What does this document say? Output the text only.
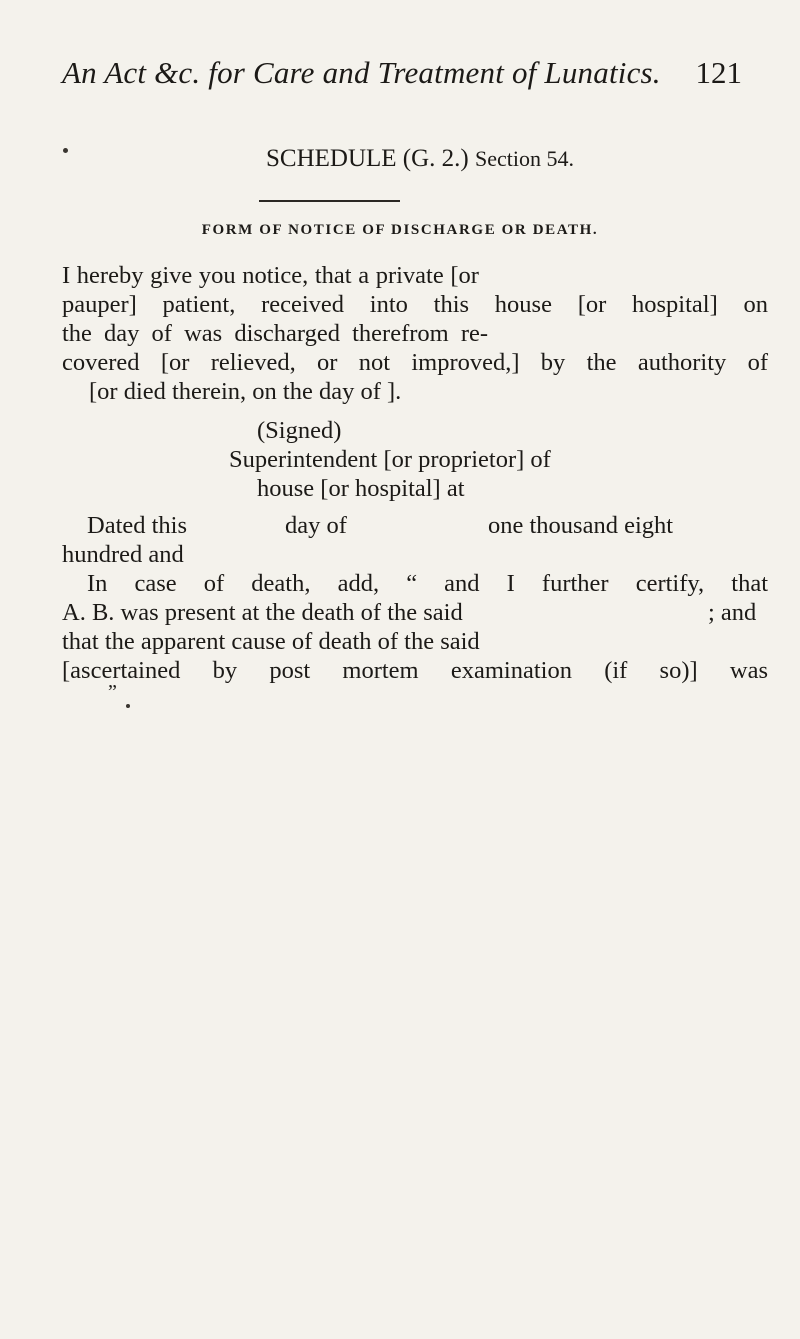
An Act &c. for Care and Treatment of Lunatics. 121
SCHEDULE (G. 2.) Section 54.
FORM OF NOTICE OF DISCHARGE OR DEATH.
I hereby give you notice, that a private [or
pauper] patient, received into this house [or hospital] on
the day of was discharged therefrom re-
covered [or relieved, or not improved,] by the authority of
[or died therein, on the day of ].
(Signed)
Superintendent [or proprietor] of
house [or hospital] at
Dated this	day of	one thousand eight
hundred and
In case of death, add, “ and I further certify, that
A. B. was present at the death of the said	; and
that the apparent cause of death of the said
[ascertained by post mortem examination (if so)] was
”
